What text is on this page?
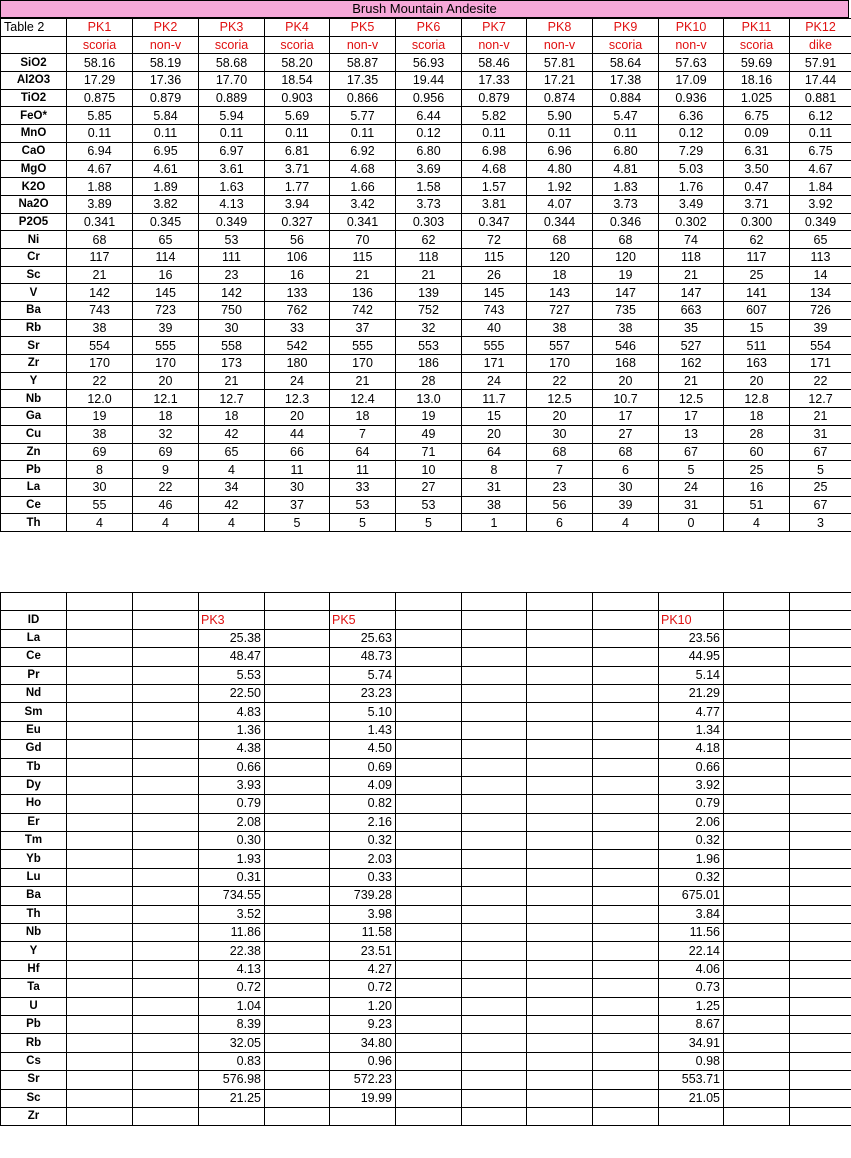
Brush Mountain Andesite
Table 2	PK1	PK2	PK3	PK4	PK5	PK6	PK7	PK8	PK9	PK10	PK11	PK12
	scoria	non-v	scoria	scoria	non-v	scoria	non-v	non-v	scoria	non-v	scoria	dike
SiO2	58.16	58.19	58.68	58.20	58.87	56.93	58.46	57.81	58.64	57.63	59.69	57.91
Al2O3	17.29	17.36	17.70	18.54	17.35	19.44	17.33	17.21	17.38	17.09	18.16	17.44
TiO2	0.875	0.879	0.889	0.903	0.866	0.956	0.879	0.874	0.884	0.936	1.025	0.881
FeO*	5.85	5.84	5.94	5.69	5.77	6.44	5.82	5.90	5.47	6.36	6.75	6.12
MnO	0.11	0.11	0.11	0.11	0.11	0.12	0.11	0.11	0.11	0.12	0.09	0.11
CaO	6.94	6.95	6.97	6.81	6.92	6.80	6.98	6.96	6.80	7.29	6.31	6.75
MgO	4.67	4.61	3.61	3.71	4.68	3.69	4.68	4.80	4.81	5.03	3.50	4.67
K2O	1.88	1.89	1.63	1.77	1.66	1.58	1.57	1.92	1.83	1.76	0.47	1.84
Na2O	3.89	3.82	4.13	3.94	3.42	3.73	3.81	4.07	3.73	3.49	3.71	3.92
P2O5	0.341	0.345	0.349	0.327	0.341	0.303	0.347	0.344	0.346	0.302	0.300	0.349
Ni	68	65	53	56	70	62	72	68	68	74	62	65
Cr	117	114	111	106	115	118	115	120	120	118	117	113
Sc	21	16	23	16	21	21	26	18	19	21	25	14
V	142	145	142	133	136	139	145	143	147	147	141	134
Ba	743	723	750	762	742	752	743	727	735	663	607	726
Rb	38	39	30	33	37	32	40	38	38	35	15	39
Sr	554	555	558	542	555	553	555	557	546	527	511	554
Zr	170	170	173	180	170	186	171	170	168	162	163	171
Y	22	20	21	24	21	28	24	22	20	21	20	22
Nb	12.0	12.1	12.7	12.3	12.4	13.0	11.7	12.5	10.7	12.5	12.8	12.7
Ga	19	18	18	20	18	19	15	20	17	17	18	21
Cu	38	32	42	44	7	49	20	30	27	13	28	31
Zn	69	69	65	66	64	71	64	68	68	67	60	67
Pb	8	9	4	11	11	10	8	7	6	5	25	5
La	30	22	34	30	33	27	31	23	30	24	16	25
Ce	55	46	42	37	53	53	38	56	39	31	51	67
Th	4	4	4	5	5	5	1	6	4	0	4	3

ID			PK3		PK5					PK10		
La			25.38		25.63					23.56		
Ce			48.47		48.73					44.95		
Pr			5.53		5.74					5.14		
Nd			22.50		23.23					21.29		
Sm			4.83		5.10					4.77		
Eu			1.36		1.43					1.34		
Gd			4.38		4.50					4.18		
Tb			0.66		0.69					0.66		
Dy			3.93		4.09					3.92		
Ho			0.79		0.82					0.79		
Er			2.08		2.16					2.06		
Tm			0.30		0.32					0.32		
Yb			1.93		2.03					1.96		
Lu			0.31		0.33					0.32		
Ba			734.55		739.28					675.01		
Th			3.52		3.98					3.84		
Nb			11.86		11.58					11.56		
Y			22.38		23.51					22.14		
Hf			4.13		4.27					4.06		
Ta			0.72		0.72					0.73		
U			1.04		1.20					1.25		
Pb			8.39		9.23					8.67		
Rb			32.05		34.80					34.91		
Cs			0.83		0.96					0.98		
Sr			576.98		572.23					553.71		
Sc			21.25		19.99					21.05		
Zr												
